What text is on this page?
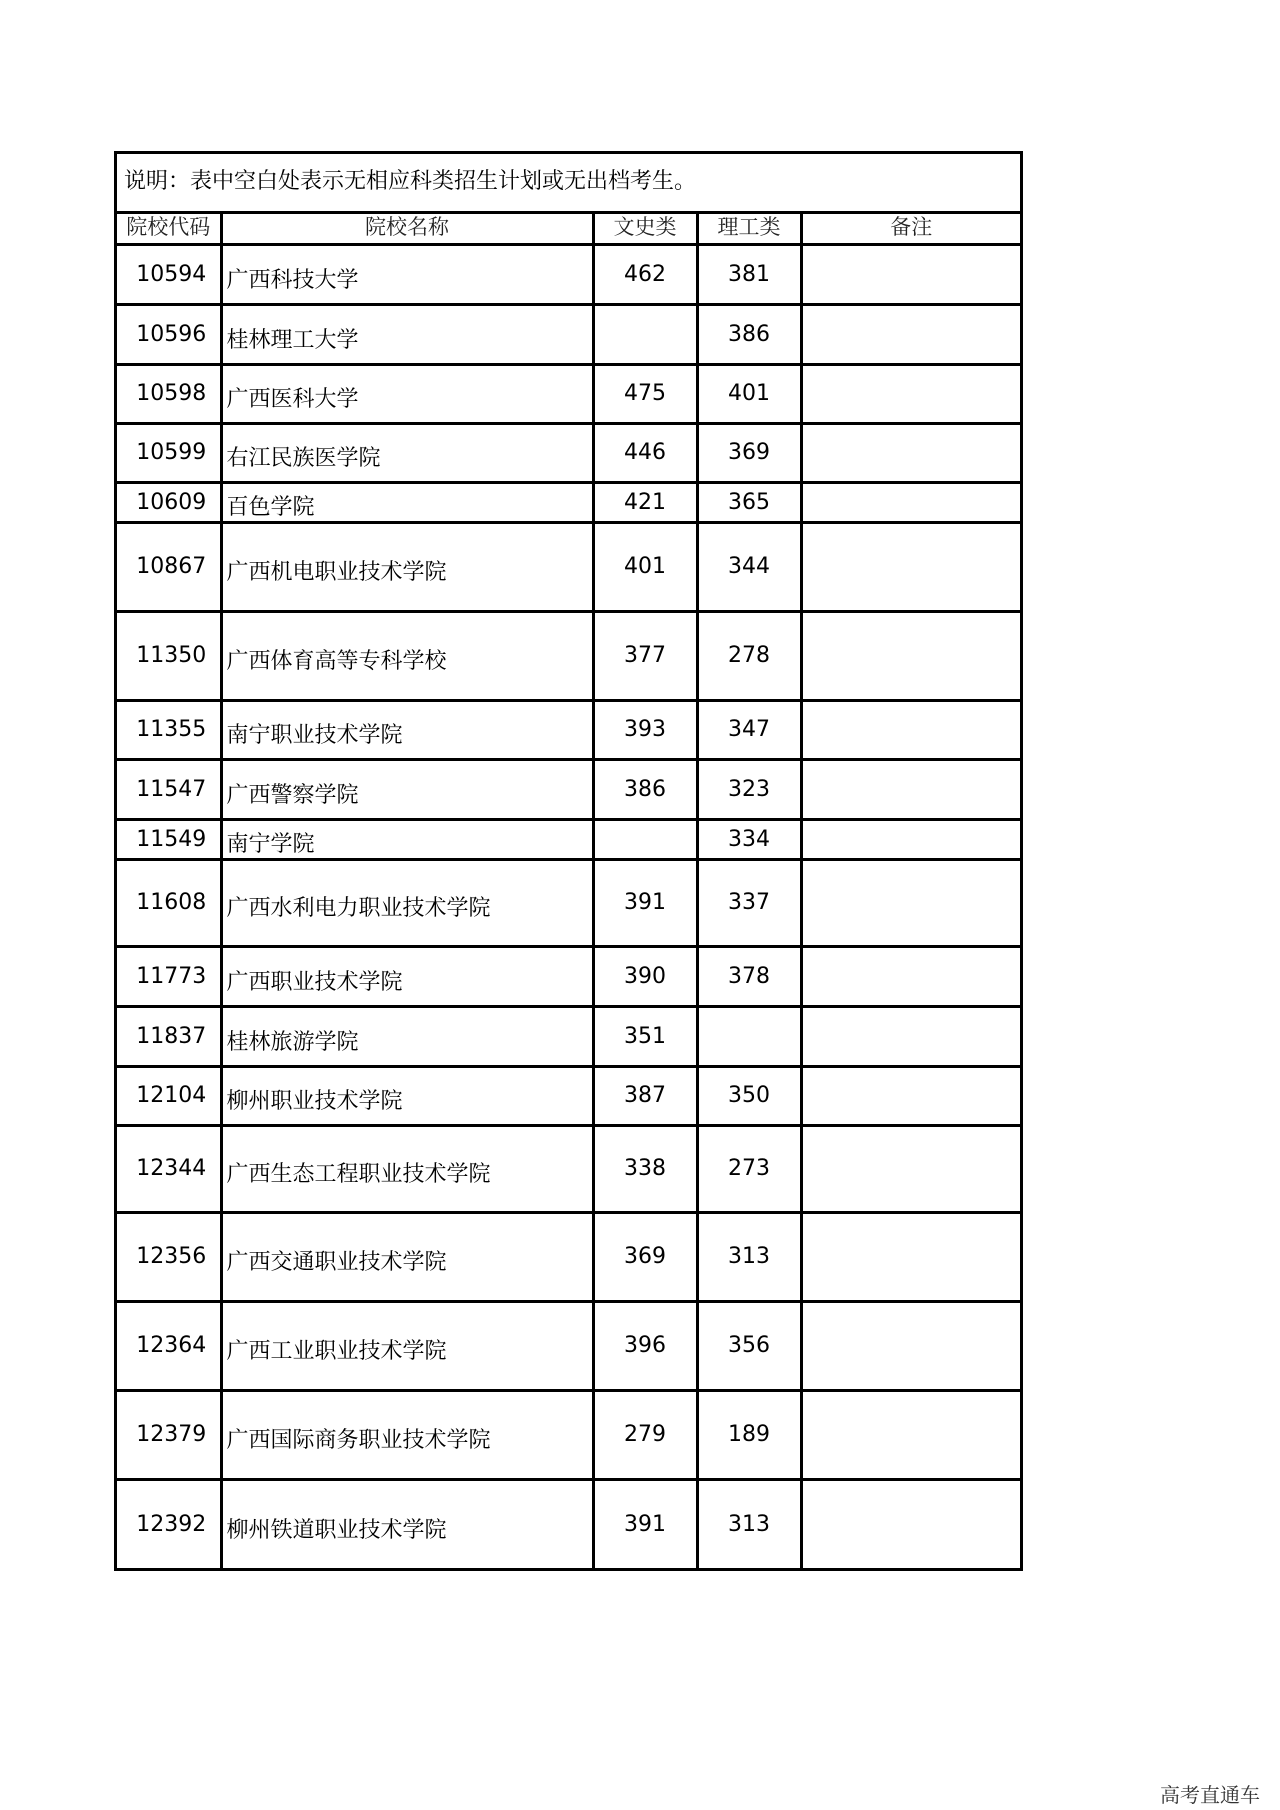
说明：表中空白处表示无相应科类招生计划或无出档考生。
院校代码	院校名称	文史类	理工类	备注
10594	广西科技大学	462	381	
10596	桂林理工大学		386	
10598	广西医科大学	475	401	
10599	右江民族医学院	446	369	
10609	百色学院	421	365	
10867	广西机电职业技术学院	401	344	
11350	广西体育高等专科学校	377	278	
11355	南宁职业技术学院	393	347	
11547	广西警察学院	386	323	
11549	南宁学院		334	
11608	广西水利电力职业技术学院	391	337	
11773	广西职业技术学院	390	378	
11837	桂林旅游学院	351		
12104	柳州职业技术学院	387	350	
12344	广西生态工程职业技术学院	338	273	
12356	广西交通职业技术学院	369	313	
12364	广西工业职业技术学院	396	356	
12379	广西国际商务职业技术学院	279	189	
12392	柳州铁道职业技术学院	391	313	
高考直通车
